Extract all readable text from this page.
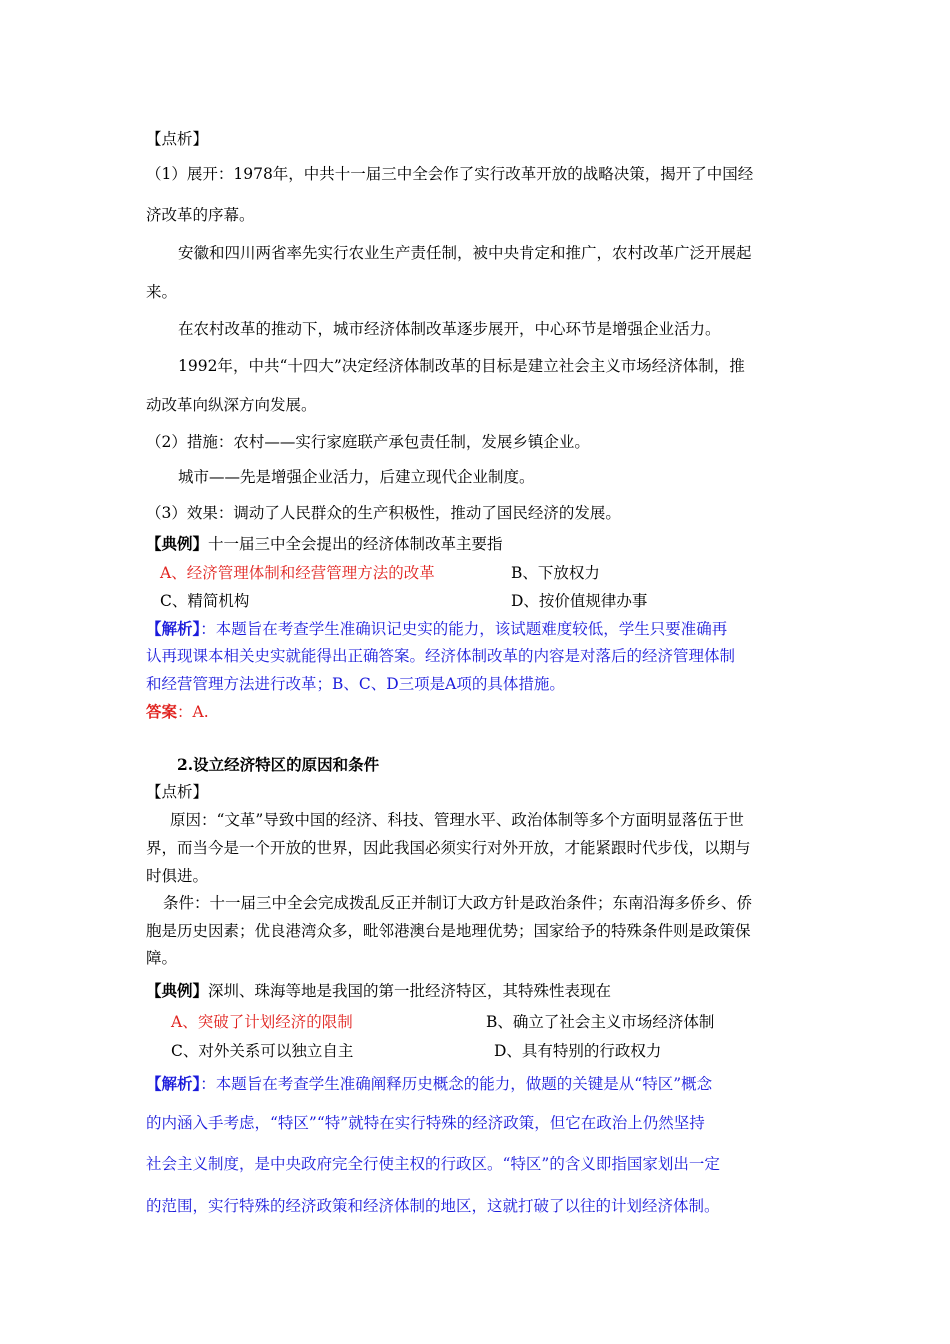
【点析】
（1）展开：1978年，中共十一届三中全会作了实行改革开放的战略决策，揭开了中国经
济改革的序幕。
安徽和四川两省率先实行农业生产责任制，被中央肯定和推广，农村改革广泛开展起
来。
在农村改革的推动下，城市经济体制改革逐步展开，中心环节是增强企业活力。
1992年，中共“十四大”决定经济体制改革的目标是建立社会主义市场经济体制，推
动改革向纵深方向发展。
（2）措施：农村——实行家庭联产承包责任制，发展乡镇企业。
城市——先是增强企业活力，后建立现代企业制度。
（3）效果：调动了人民群众的生产积极性，推动了国民经济的发展。
【典例】十一届三中全会提出的经济体制改革主要指
A、经济管理体制和经营管理方法的改革	B、下放权力
C、精简机构	D、按价值规律办事
【解析】：本题旨在考查学生准确识记史实的能力，该试题难度较低，学生只要准确再
认再现课本相关史实就能得出正确答案。经济体制改革的内容是对落后的经济管理体制
和经营管理方法进行改革；B、C、D三项是A项的具体措施。
答案：A.
2.设立经济特区的原因和条件
【点析】
原因：“文革”导致中国的经济、科技、管理水平、政治体制等多个方面明显落伍于世
界，而当今是一个开放的世界，因此我国必须实行对外开放，才能紧跟时代步伐，以期与
时俱进。
条件：十一届三中全会完成拨乱反正并制订大政方针是政治条件；东南沿海多侨乡、侨
胞是历史因素；优良港湾众多，毗邻港澳台是地理优势；国家给予的特殊条件则是政策保
障。
【典例】深圳、珠海等地是我国的第一批经济特区，其特殊性表现在
A、突破了计划经济的限制	B、确立了社会主义市场经济体制
C、对外关系可以独立自主	D、具有特别的行政权力
【解析】：本题旨在考查学生准确阐释历史概念的能力，做题的关键是从“特区”概念
的内涵入手考虑，“特区”“特”就特在实行特殊的经济政策，但它在政治上仍然坚持
社会主义制度，是中央政府完全行使主权的行政区。“特区”的含义即指国家划出一定
的范围，实行特殊的经济政策和经济体制的地区，这就打破了以往的计划经济体制。
